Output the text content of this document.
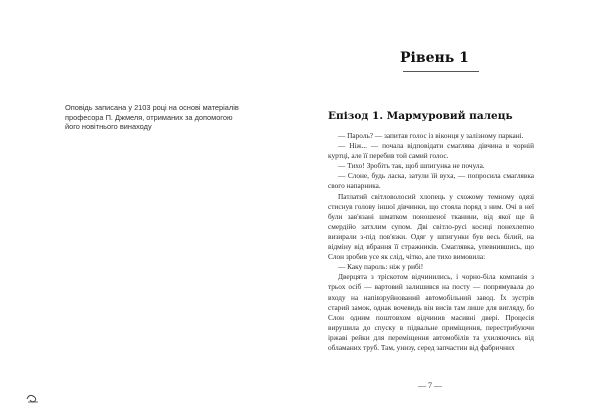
Оповідь записана у 2103 році на основі матеріалів
професора П. Джмеля, отриманих за допомогою
його новітнього винаходу
Рівень 1
Епізод 1. Мармуровий палець

— Пароль? — запитав голос із віконця у залізному паркані.

— Ніж... — почала відповідати смаглява дівчина в чорній куртці, але її перебив той самий голос.

— Тихо! Зробіть так, щоб шпигунка не почула.

— Слоне, будь ласка, затули їй вуха, — попросила смаглявка свого напарника.

Патлатий світловолосий хлопець у схожому темному одязі стиснув голову іншої дівчинки, що стояла поряд з ним. Очі в неї були зав'язані шматком поношеної тканини, від якої ще й смердійо затхлим супом. Дві світло-русі косиці понехлепно визирали з-під пов'язки. Одяг у шпигунки був весь білий, на відміну від вбрання її стражників. Смаглявка, упевнившись, що Слон зробив усе як слід, чітко, але тихо вимовила:

— Каку пароль: ніж у рибі!

Дверцята з тріскотом відчинились, і чорно-біла компанія з трьох осіб — вартовий залишився на посту — попрямувала до входу на напівзруйнований автомобільний завод. Їх зустрів старий замок, однак вочевидь він висів там лише для вигляду, бо Слон одним поштовхом відчинив масивні двері. Процесія вирушила до спуску в підвальне приміщення, перестрибуючи іржаві рейки для переміщення автомобілів та ухиляючись від обламаних труб. Там, унизу, серед запчастин від фабричних

— 7 —
